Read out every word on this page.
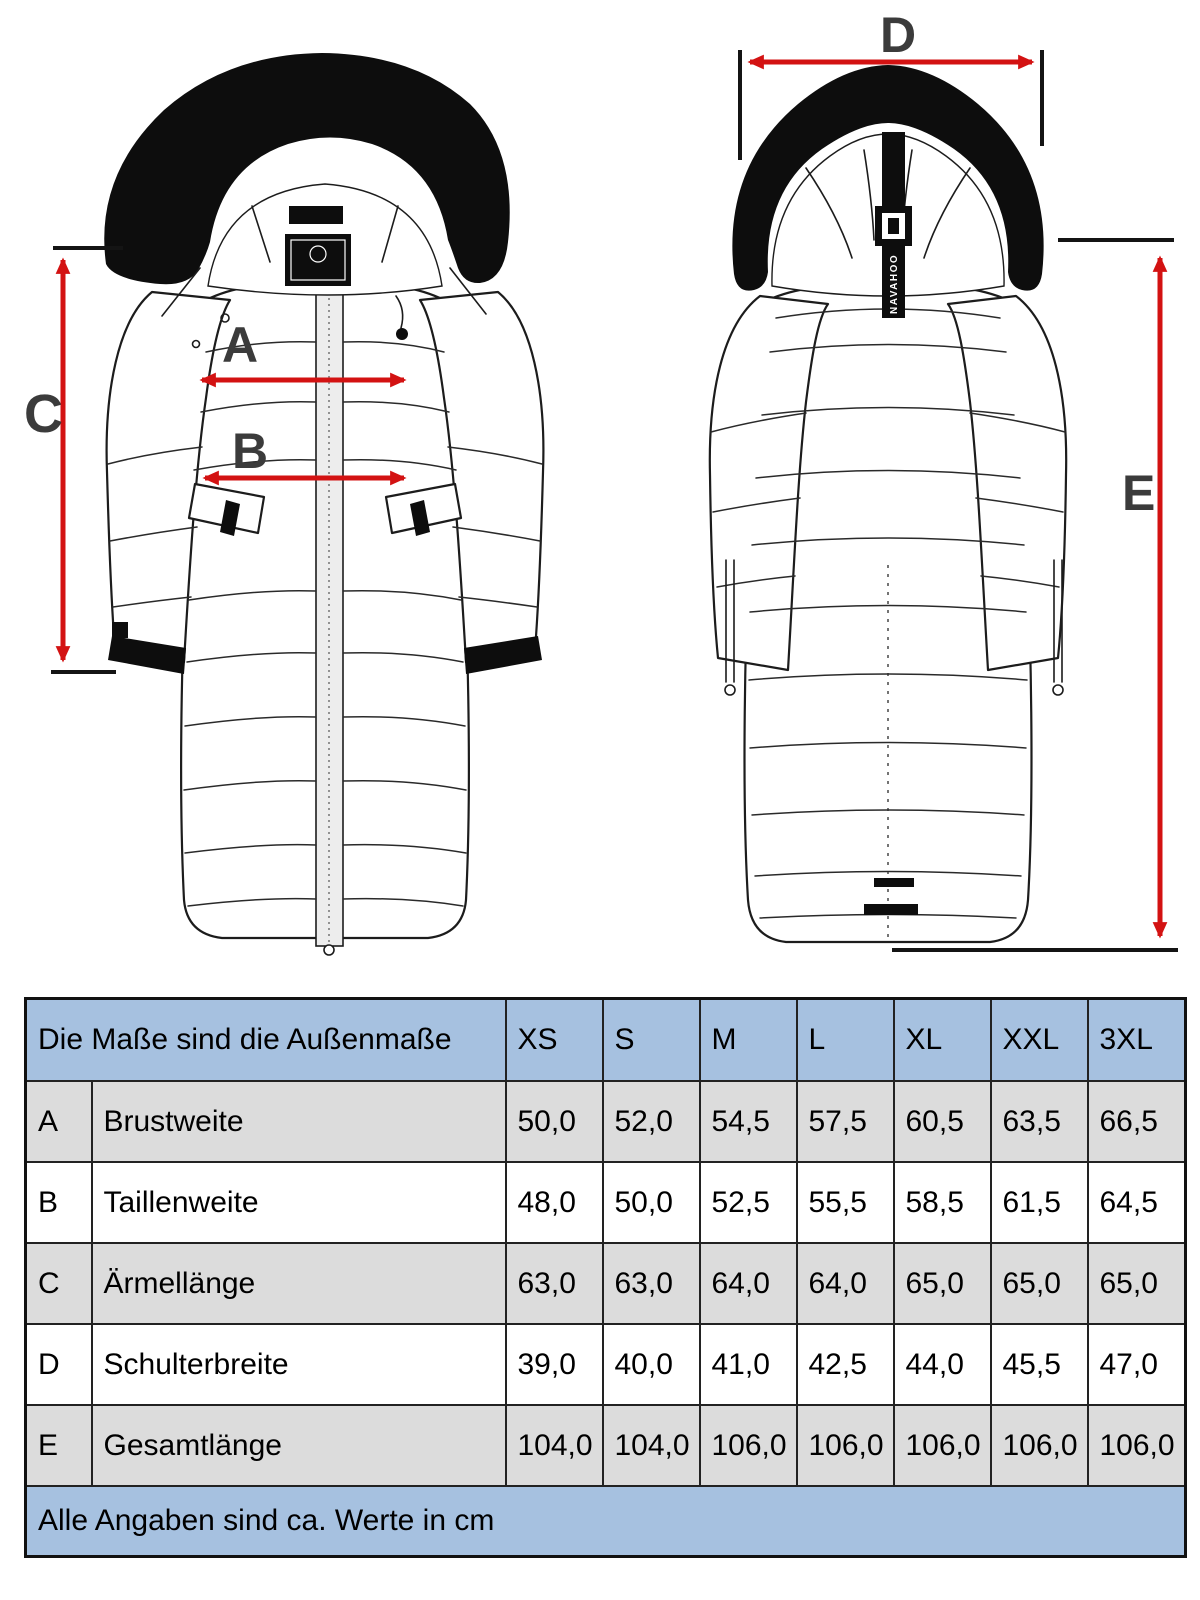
NAVAHOO
C
A
B
D
E
Die Maße sind die Außenmaße		XS	S	M	L	XL	XXL	3XL
A	Brustweite	50,0	52,0	54,5	57,5	60,5	63,5	66,5
B	Taillenweite	48,0	50,0	52,5	55,5	58,5	61,5	64,5
C	Ärmellänge	63,0	63,0	64,0	64,0	65,0	65,0	65,0
D	Schulterbreite	39,0	40,0	41,0	42,5	44,0	45,5	47,0
E	Gesamtlänge	104,0	104,0	106,0	106,0	106,0	106,0	106,0
Alle Angaben sind ca. Werte in cm								
